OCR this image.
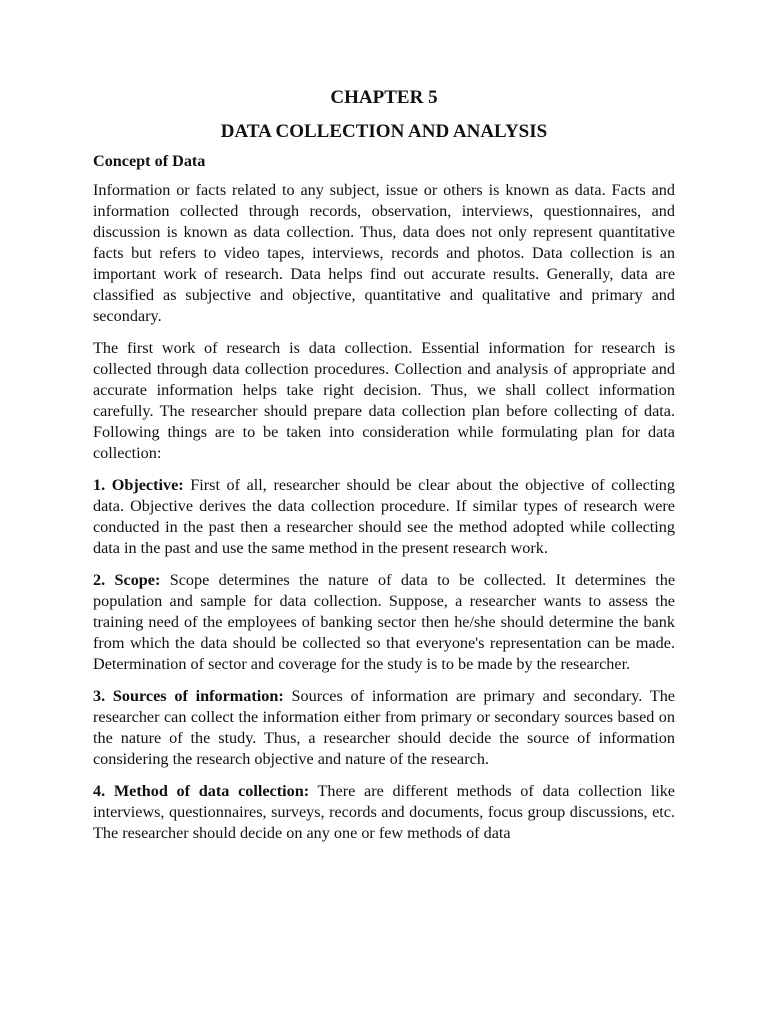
CHAPTER 5
DATA COLLECTION AND ANALYSIS
Concept of Data

Information or facts related to any subject, issue or others is known as data. Facts and information collected through records, observation, interviews, questionnaires, and discussion is known as data collection. Thus, data does not only represent quantitative facts but refers to video tapes, interviews, records and photos. Data collection is an important work of research. Data helps find out accurate results. Generally, data are classified as subjective and objective, quantitative and qualitative and primary and secondary.

The first work of research is data collection. Essential information for research is collected through data collection procedures. Collection and analysis of appropriate and accurate information helps take right decision. Thus, we shall collect information carefully. The researcher should prepare data collection plan before collecting of data. Following things are to be taken into consideration while formulating plan for data collection:

1. Objective: First of all, researcher should be clear about the objective of collecting data. Objective derives the data collection procedure. If similar types of research were conducted in the past then a researcher should see the method adopted while collecting data in the past and use the same method in the present research work.

2. Scope: Scope determines the nature of data to be collected. It determines the population and sample for data collection. Suppose, a researcher wants to assess the training need of the employees of banking sector then he/she should determine the bank from which the data should be collected so that everyone's representation can be made. Determination of sector and coverage for the study is to be made by the researcher.

3. Sources of information: Sources of information are primary and secondary. The researcher can collect the information either from primary or secondary sources based on the nature of the study. Thus, a researcher should decide the source of information considering the research objective and nature of the research.

4. Method of data collection: There are different methods of data collection like interviews, questionnaires, surveys, records and documents, focus group discussions, etc. The researcher should decide on any one or few methods of data
